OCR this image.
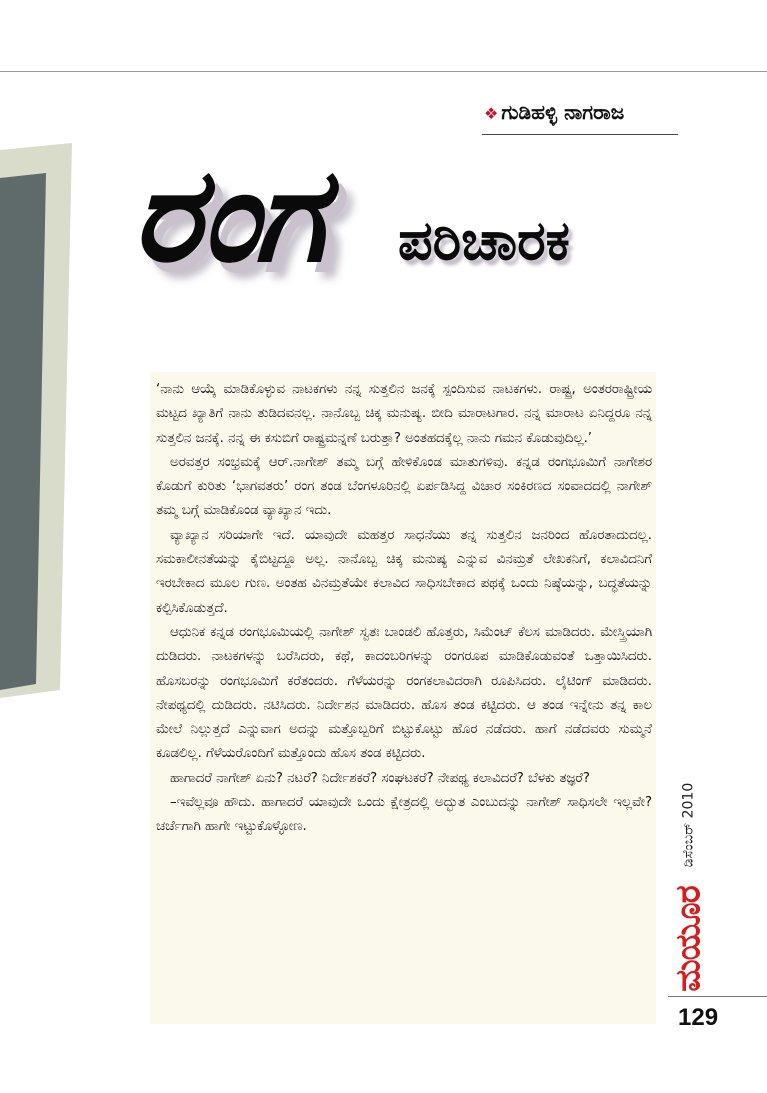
❖ ಗುಡಿಹಳ್ಳಿ ನಾಗರಾಜ
ರಂಗ ಪರಿಚಾರಕ

‘ನಾನು ಆಯ್ಕೆ ಮಾಡಿಕೊಳ್ಳುವ ನಾಟಕಗಳು ನನ್ನ ಸುತ್ತಲಿನ ಜನಕ್ಕೆ ಸ್ಪಂದಿಸುವ ನಾಟಕಗಳು. ರಾಷ್ಟ್ರ, ಅಂತರರಾಷ್ಟ್ರೀಯ ಮಟ್ಟದ ಖ್ಯಾತಿಗೆ ನಾನು ತುಡಿದವನಲ್ಲ. ನಾನೊಬ್ಬ ಚಿಕ್ಕ ಮನುಷ್ಯ. ಬೀದಿ ಮಾರಾಟಗಾರ. ನನ್ನ ಮಾರಾಟ ಏನಿದ್ದರೂ ನನ್ನ ಸುತ್ತಲಿನ ಜನಕ್ಕೆ. ನನ್ನ ಈ ಕಸುಬಿಗೆ ರಾಷ್ಟ್ರಮನ್ನಣೆ ಬರುತ್ತಾ? ಅಂತಹದಕ್ಕೆಲ್ಲ ನಾನು ಗಮನ ಕೊಡುವುದಿಲ್ಲ.’

ಅರವತ್ತರ ಸಂಭ್ರಮಕ್ಕೆ ಆರ್.ನಾಗೇಶ್ ತಮ್ಮ ಬಗ್ಗೆ ಹೇಳಿಕೊಂಡ ಮಾತುಗಳಿವು. ಕನ್ನಡ ರಂಗಭೂಮಿಗೆ ನಾಗೇಶರ ಕೊಡುಗೆ ಕುರಿತು ‘ಭಾಗವತರು’ ರಂಗ ತಂಡ ಬೆಂಗಳೂರಿನಲ್ಲಿ ಏರ್ಪಡಿಸಿದ್ದ ವಿಚಾರ ಸಂಕಿರಣದ ಸಂವಾದದಲ್ಲಿ ನಾಗೇಶ್ ತಮ್ಮ ಬಗ್ಗೆ ಮಾಡಿಕೊಂಡ ವ್ಯಾಖ್ಯಾನ ಇದು.

ವ್ಯಾಖ್ಯಾನ ಸರಿಯಾಗೇ ಇದೆ. ಯಾವುದೇ ಮಹತ್ತರ ಸಾಧನೆಯು ತನ್ನ ಸುತ್ತಲಿನ ಜನರಿಂದ ಹೊರತಾದುದಲ್ಲ. ಸಮಕಾಲೀನತೆಯನ್ನು ಕೈಬಿಟ್ಟದ್ದೂ ಅಲ್ಲ. ನಾನೊಬ್ಬ ಚಿಕ್ಕ ಮನುಷ್ಯ ಎನ್ನುವ ವಿನಮ್ರತೆ ಲೇಖಕನಿಗೆ, ಕಲಾವಿದನಿಗೆ ಇರಬೇಕಾದ ಮೂಲ ಗುಣ. ಅಂತಹ ವಿನಮ್ರತೆಯೇ ಕಲಾವಿದ ಸಾಧಿಸಬೇಕಾದ ಪಥಕ್ಕೆ ಒಂದು ನಿಷ್ಠೆಯನ್ನು, ಬದ್ಧತೆಯನ್ನು ಕಲ್ಪಿಸಿಕೊಡುತ್ತದೆ.

ಆಧುನಿಕ ಕನ್ನಡ ರಂಗಭೂಮಿಯಲ್ಲಿ ನಾಗೇಶ್ ಸ್ವತಃ ಬಾಂಡಲಿ ಹೊತ್ತರು, ಸಿಮೆಂಟ್ ಕೆಲಸ ಮಾಡಿದರು. ಮೇಸ್ತ್ರಿಯಾಗಿ ದುಡಿದರು. ನಾಟಕಗಳನ್ನು ಬರೆಸಿದರು, ಕಥೆ, ಕಾದಂಬರಿಗಳನ್ನು ರಂಗರೂಪ ಮಾಡಿಕೊಡುವಂತೆ ಒತ್ತಾಯಿಸಿದರು. ಹೊಸಬರನ್ನು ರಂಗಭೂಮಿಗೆ ಕರೆತಂದರು. ಗೆಳೆಯರನ್ನು ರಂಗಕಲಾವಿದರಾಗಿ ರೂಪಿಸಿದರು. ಲೈಟಿಂಗ್ ಮಾಡಿದರು. ನೇಪಥ್ಯದಲ್ಲಿ ದುಡಿದರು. ನಟಿಸಿದರು. ನಿರ್ದೇಶನ ಮಾಡಿದರು. ಹೊಸ ತಂಡ ಕಟ್ಟಿದರು. ಆ ತಂಡ ಇನ್ನೇನು ತನ್ನ ಕಾಲ ಮೇಲೆ ನಿಲ್ಲುತ್ತದೆ ಎನ್ನುವಾಗ ಅದನ್ನು ಮತ್ತೊಬ್ಬರಿಗೆ ಬಿಟ್ಟುಕೊಟ್ಟು ಹೊರ ನಡೆದರು. ಹಾಗೆ ನಡೆದವರು ಸುಮ್ಮನೆ ಕೂಡಲಿಲ್ಲ. ಗೆಳೆಯರೊಂದಿಗೆ ಮತ್ತೊಂದು ಹೊಸ ತಂಡ ಕಟ್ಟಿದರು.

ಹಾಗಾದರೆ ನಾಗೇಶ್ ಏನು? ನಟರೆ? ನಿರ್ದೇಶಕರೆ? ಸಂಘಟಕರೆ? ನೇಪಥ್ಯ ಕಲಾವಿದರೆ? ಬೆಳಕು ತಜ್ಞರೆ?

–ಇವೆಲ್ಲವೂ ಹೌದು. ಹಾಗಾದರೆ ಯಾವುದೇ ಒಂದು ಕ್ಷೇತ್ರದಲ್ಲಿ ಅದ್ಭುತ ಎಂಬುದನ್ನು ನಾಗೇಶ್ ಸಾಧಿಸಲೇ ಇಲ್ಲವೇ? ಚರ್ಚೆಗಾಗಿ ಹಾಗೇ ಇಟ್ಟುಕೊಳ್ಳೋಣ.	ಡಿಸೆಂಬರ್ 2010
ಮಯೂರ
129
